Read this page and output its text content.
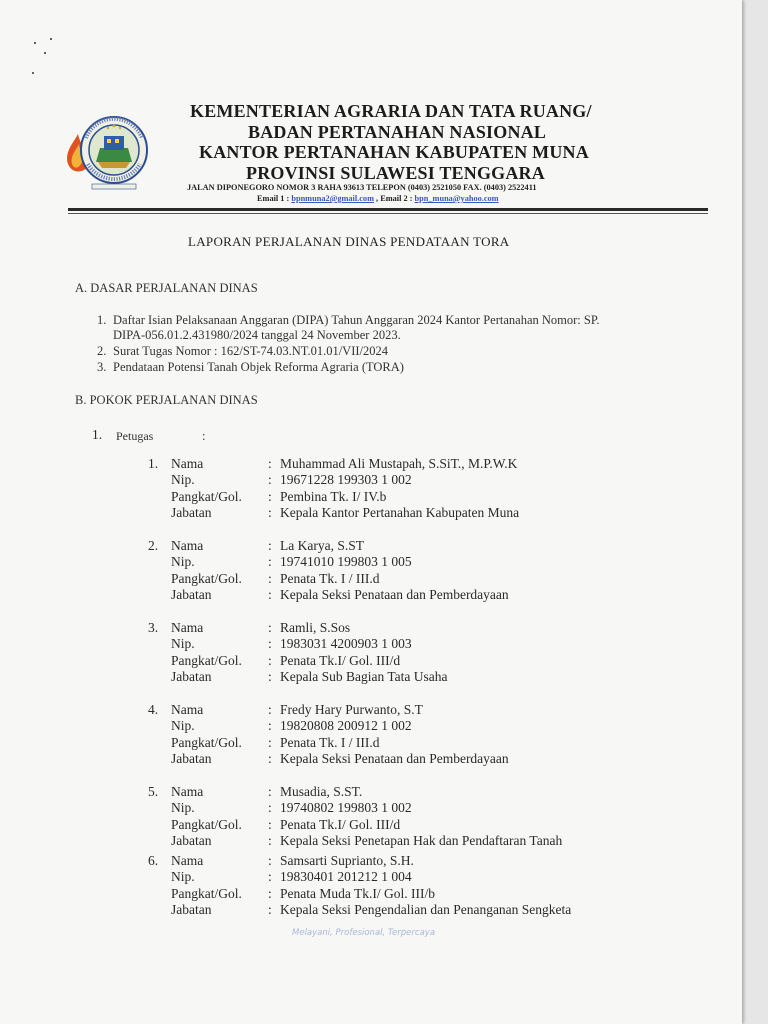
KEMENTERIAN AGRARIA DAN TATA RUANG/
BADAN PERTANAHAN NASIONAL
KANTOR PERTANAHAN KABUPATEN MUNA
PROVINSI SULAWESI TENGGARA
JALAN DIPONEGORO NOMOR 3 RAHA 93613 TELEPON (0403) 2521050 FAX. (0403) 2522411
Email 1 : bpnmuna2@gmail.com , Email 2 : bpn_muna@yahoo.com
LAPORAN PERJALANAN DINAS PENDATAAN TORA
A. DASAR PERJALANAN DINAS
1. Daftar Isian Pelaksanaan Anggaran (DIPA) Tahun Anggaran 2024 Kantor Pertanahan Nomor: SP.
DIPA-056.01.2.431980/2024 tanggal 24 November 2023.
2. Surat Tugas Nomor : 162/ST-74.03.NT.01.01/VII/2024
3. Pendataan Potensi Tanah Objek Reforma Agraria (TORA)
B. POKOK PERJALANAN DINAS
1. Petugas	:
1. Nama	: Muhammad Ali Mustapah, S.SiT., M.P.W.K
Nip.	: 19671228 199303 1 002
Pangkat/Gol. : Pembina Tk. I/ IV.b
Jabatan	: Kepala Kantor Pertanahan Kabupaten Muna
2. Nama	: La Karya, S.ST
Nip.	: 19741010 199803 1 005
Pangkat/Gol. : Penata Tk. I / III.d
Jabatan	: Kepala Seksi Penataan dan Pemberdayaan
3. Nama	: Ramli, S.Sos
Nip.	: 1983031 4200903 1 003
Pangkat/Gol. : Penata Tk.I/ Gol. III/d
Jabatan	: Kepala Sub Bagian Tata Usaha
4. Nama	: Fredy Hary Purwanto, S.T
Nip.	: 19820808 200912 1 002
Pangkat/Gol. : Penata Tk. I / III.d
Jabatan	: Kepala Seksi Penataan dan Pemberdayaan
5. Nama	: Musadia, S.ST.
Nip.	: 19740802 199803 1 002
Pangkat/Gol. : Penata Tk.I/ Gol. III/d
Jabatan	: Kepala Seksi Penetapan Hak dan Pendaftaran Tanah
6. Nama	: Samsarti Suprianto, S.H.
Nip.	: 19830401 201212 1 004
Pangkat/Gol. : Penata Muda Tk.I/ Gol. III/b
Jabatan	: Kepala Seksi Pengendalian dan Penanganan Sengketa
Melayani, Profesional, Terpercaya
